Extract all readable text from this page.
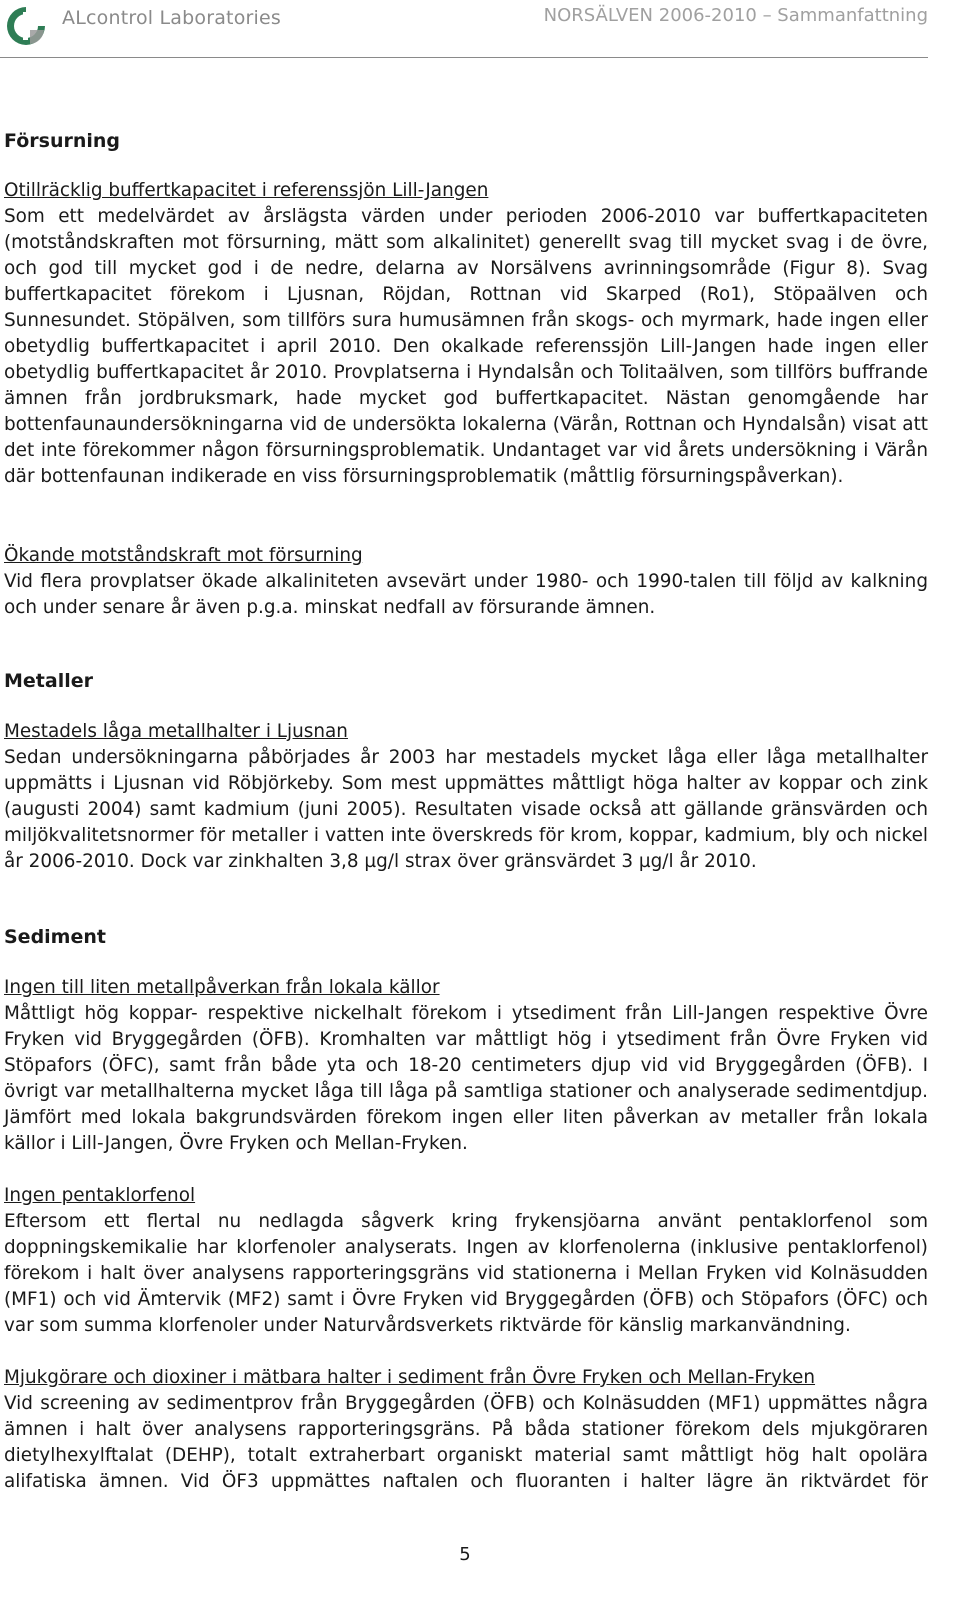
ALcontrol Laboratories	NORSÄLVEN 2006-2010 – Sammanfattning
Försurning
Otillräcklig buffertkapacitet i referenssjön Lill-Jangen
Som ett medelvärdet av årslägsta värden under perioden 2006-2010 var buffertkapaciteten (motståndskraften mot försurning, mätt som alkalinitet) generellt svag till mycket svag i de övre, och god till mycket god i de nedre, delarna av Norsälvens avrinningsområde (Figur 8). Svag buffertkapacitet förekom i Ljusnan, Röjdan, Rottnan vid Skarped (Ro1), Stöpaälven och Sunnesundet. Stöpälven, som tillförs sura humusämnen från skogs- och myrmark, hade ingen eller obetydlig buffertkapacitet i april 2010. Den okalkade referenssjön Lill-Jangen hade ingen eller obetydlig buffertkapacitet år 2010. Provplatserna i Hyndalsån och Tolitaälven, som tillförs buffrande ämnen från jordbruksmark, hade mycket god buffertkapacitet. Nästan genomgående har bottenfaunaundersökningarna vid de undersökta lokalerna (Värån, Rottnan och Hyndalsån) visat att det inte förekommer någon försurningsproblematik. Undantaget var vid årets undersökning i Värån där bottenfaunan indikerade en viss försurningsproblematik (måttlig försurningspåverkan).
Ökande motståndskraft mot försurning
Vid flera provplatser ökade alkaliniteten avsevärt under 1980- och 1990-talen till följd av kalkning och under senare år även p.g.a. minskat nedfall av försurande ämnen.
Metaller
Mestadels låga metallhalter i Ljusnan
Sedan undersökningarna påbörjades år 2003 har mestadels mycket låga eller låga metallhalter uppmätts i Ljusnan vid Röbjörkeby. Som mest uppmättes måttligt höga halter av koppar och zink (augusti 2004) samt kadmium (juni 2005). Resultaten visade också att gällande gränsvärden och miljökvalitetsnormer för metaller i vatten inte överskreds för krom, koppar, kadmium, bly och nickel år 2006-2010. Dock var zinkhalten 3,8 µg/l strax över gränsvärdet 3 µg/l år 2010.
Sediment
Ingen till liten metallpåverkan från lokala källor
Måttligt hög koppar- respektive nickelhalt förekom i ytsediment från Lill-Jangen respektive Övre Fryken vid Bryggegården (ÖFB). Kromhalten var måttligt hög i ytsediment från Övre Fryken vid Stöpafors (ÖFC), samt från både yta och 18-20 centimeters djup vid vid Bryggegården (ÖFB). I övrigt var metallhalterna mycket låga till låga på samtliga stationer och analyserade sedimentdjup. Jämfört med lokala bakgrundsvärden förekom ingen eller liten påverkan av metaller från lokala källor i Lill-Jangen, Övre Fryken och Mellan-Fryken.
Ingen pentaklorfenol
Eftersom ett flertal nu nedlagda sågverk kring frykensjöarna använt pentaklorfenol som doppningskemikalie har klorfenoler analyserats. Ingen av klorfenolerna (inklusive pentaklorfenol) förekom i halt över analysens rapporteringsgräns vid stationerna i Mellan Fryken vid Kolnäsudden (MF1) och vid Ämtervik (MF2) samt i Övre Fryken vid Bryggegården (ÖFB) och Stöpafors (ÖFC) och var som summa klorfenoler under Naturvårdsverkets riktvärde för känslig markanvändning.
Mjukgörare och dioxiner i mätbara halter i sediment från Övre Fryken och Mellan-Fryken
Vid screening av sedimentprov från Bryggegården (ÖFB) och Kolnäsudden (MF1) uppmättes några ämnen i halt över analysens rapporteringsgräns. På båda stationer förekom dels mjukgöraren dietylhexylftalat (DEHP), totalt extraherbart organiskt material samt måttligt hög halt opolära alifatiska ämnen. Vid ÖF3 uppmättes naftalen och fluoranten i halter lägre än riktvärdet för
5
